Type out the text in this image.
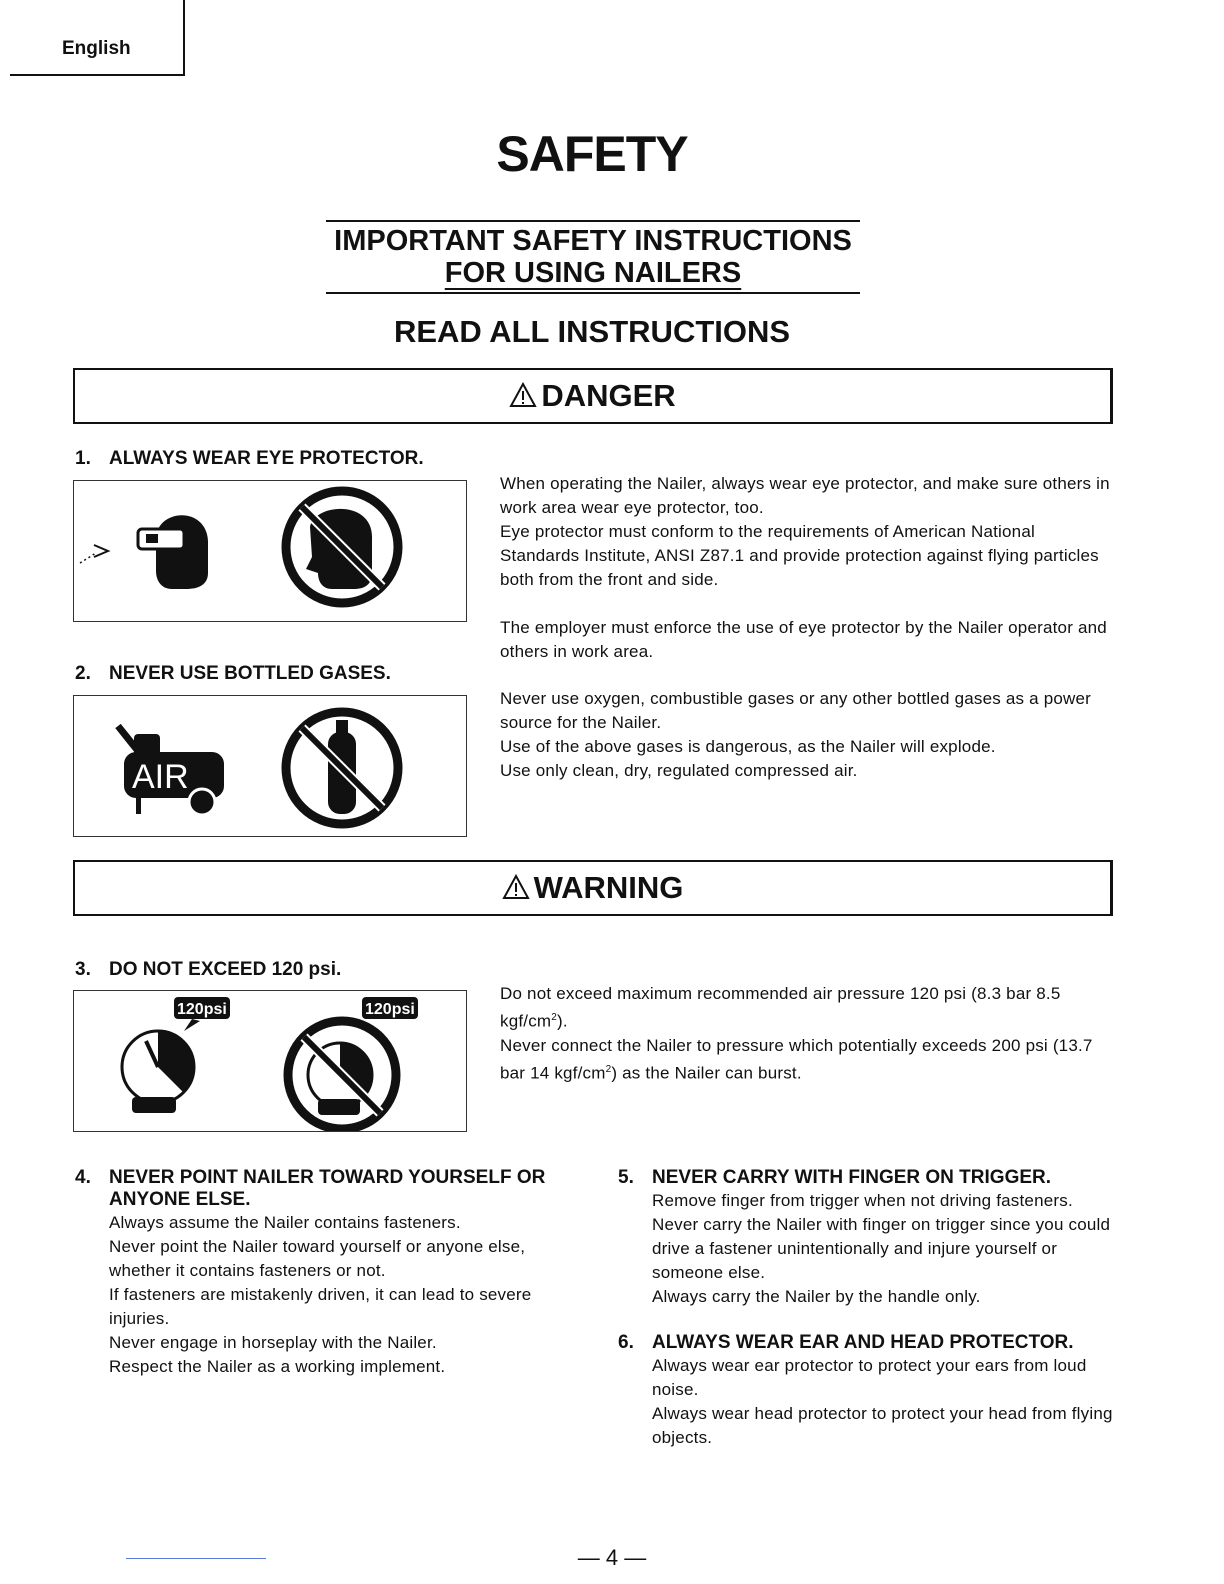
English
SAFETY
IMPORTANT SAFETY INSTRUCTIONS
FOR USING NAILERS
READ ALL INSTRUCTIONS
DANGER
1. ALWAYS WEAR EYE PROTECTOR.
When operating the Nailer, always wear eye protector, and make sure others in work area wear eye protector, too.
Eye protector must conform to the requirements of American National Standards Institute, ANSI Z87.1 and provide protection against flying particles both from the front and side.
The employer must enforce the use of eye protector by the Nailer operator and others in work area.
2. NEVER USE BOTTLED GASES.
AIR
Never use oxygen, combustible gases or any other bottled gases as a power source for the Nailer.
Use of the above gases is dangerous, as the Nailer will explode.
Use only clean, dry, regulated compressed air.
WARNING
3. DO NOT EXCEED 120 psi.
120psi	120psi
Do not exceed maximum recommended air pressure 120 psi (8.3 bar 8.5 kgf/$cm^2$).
Never connect the Nailer to pressure which potentially exceeds 200 psi (13.7 bar 14 kgf/$cm^2$) as the Nailer can burst.
4. NEVER POINT NAILER TOWARD YOURSELF OR
ANYONE ELSE.
Always assume the Nailer contains fasteners.
Never point the Nailer toward yourself or anyone else, whether it contains fasteners or not.
If fasteners are mistakenly driven, it can lead to severe injuries.
Never engage in horseplay with the Nailer.
Respect the Nailer as a working implement.
5. NEVER CARRY WITH FINGER ON TRIGGER.
Remove finger from trigger when not driving fasteners.
Never carry the Nailer with finger on trigger since you could drive a fastener unintentionally and injure yourself or someone else.
Always carry the Nailer by the handle only.
6. ALWAYS WEAR EAR AND HEAD PROTECTOR.
Always wear ear protector to protect your ears from loud noise.
Always wear head protector to protect your head from flying objects.
— 4 —
